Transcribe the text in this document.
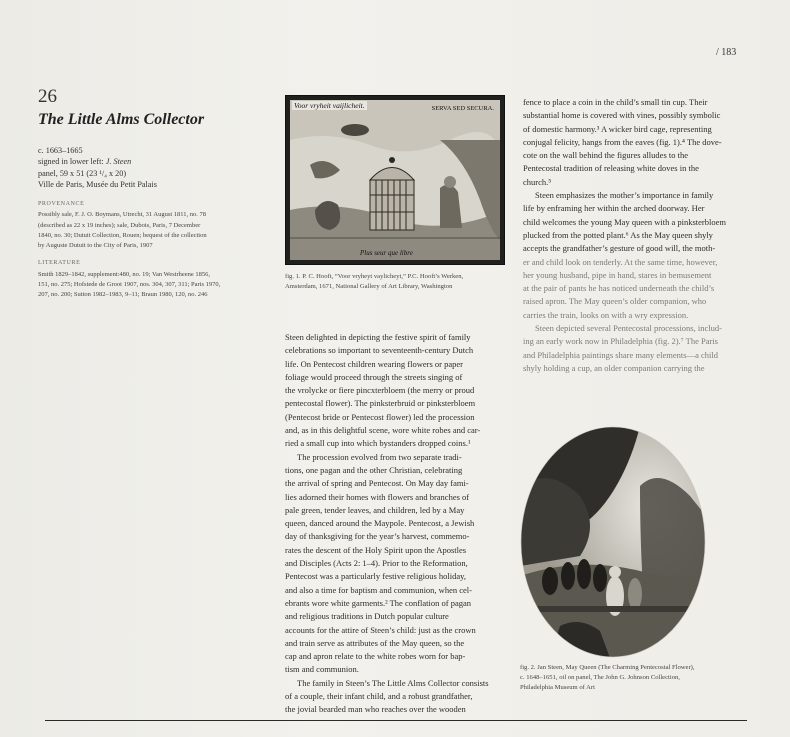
/ 183
26
The Little Alms Collector
c. 1663–1665
signed in lower left: J. Steen
panel, 59 x 51 (23 ¹/₄ x 20)
Ville de Paris, Musée du Petit Palais
PROVENANCE

Possibly sale, F. J. O. Boymans, Utrecht, 31 August 1811, no. 78

(described as 22 x 19 inches); sale, Dubois, Paris, 7 December

1840, no. 30; Dutuit Collection, Rouen; bequest of the collection

by Auguste Dutuit to the City of Paris, 1907

LITERATURE

Smith 1829–1842, supplement:480, no. 19; Van Westrheene 1856,

151, no. 275; Hofstede de Groot 1907, nos. 304, 307, 311; Paris 1970,

207, no. 200; Sutton 1982–1983, 9–11; Braun 1980, 120, no. 246

Voor vryheit vaijlicheit.	SERVA SED SECURA.
Plus seur que libre

fig. 1. P. C. Hooft, “Voor vryheyt vaylicheyt,” P.C. Hooft’s Werken,

Amsterdam, 1671, National Gallery of Art Library, Washington

Steen delighted in depicting the festive spirit of family

celebrations so important to seventeenth-century Dutch

life. On Pentecost children wearing flowers or paper

foliage would proceed through the streets singing of

the vrolycke or fiere pincxterbloem (the merry or proud

pentecostal flower). The pinksterbruid or pinksterbloem

(Pentecost bride or Pentecost flower) led the procession

and, as in this delightful scene, wore white robes and car-

ried a small cup into which bystanders dropped coins.¹

The procession evolved from two separate tradi-

tions, one pagan and the other Christian, celebrating

the arrival of spring and Pentecost. On May day fami-

lies adorned their homes with flowers and branches of

pale green, tender leaves, and children, led by a May

queen, danced around the Maypole. Pentecost, a Jewish

day of thanksgiving for the year’s harvest, commemo-

rates the descent of the Holy Spirit upon the Apostles

and Disciples (Acts 2: 1–4). Prior to the Reformation,

Pentecost was a particularly festive religious holiday,

and also a time for baptism and communion, when cel-

ebrants wore white garments.² The conflation of pagan

and religious traditions in Dutch popular culture

accounts for the attire of Steen’s child: just as the crown

and train serve as attributes of the May queen, so the

cap and apron relate to the white robes worn for bap-

tism and communion.

The family in Steen’s The Little Alms Collector consists

of a couple, their infant child, and a robust grandfather,

the jovial bearded man who reaches over the wooden

fence to place a coin in the child’s small tin cup. Their

substantial home is covered with vines, possibly symbolic

of domestic harmony.³ A wicker bird cage, representing

conjugal felicity, hangs from the eaves (fig. 1).⁴ The dove-

cote on the wall behind the figures alludes to the

Pentecostal tradition of releasing white doves in the

church.⁵

Steen emphasizes the mother’s importance in family

life by enframing her within the arched doorway. Her

child welcomes the young May queen with a pinksterbloem

plucked from the potted plant.⁶ As the May queen shyly

accepts the grandfather’s gesture of good will, the moth-

er and child look on tenderly. At the same time, however,

her young husband, pipe in hand, stares in bemusement

at the pair of pants he has noticed underneath the child’s

raised apron. The May queen’s older companion, who

carries the train, looks on with a wry expression.

Steen depicted several Pentecostal processions, includ-

ing an early work now in Philadelphia (fig. 2).⁷ The Paris

and Philadelphia paintings share many elements—a child

shyly holding a cup, an older companion carrying the

fig. 2. Jan Steen, May Queen (The Charming Pentecostal Flower),

c. 1648–1651, oil on panel, The John G. Johnson Collection,

Philadelphia Museum of Art
